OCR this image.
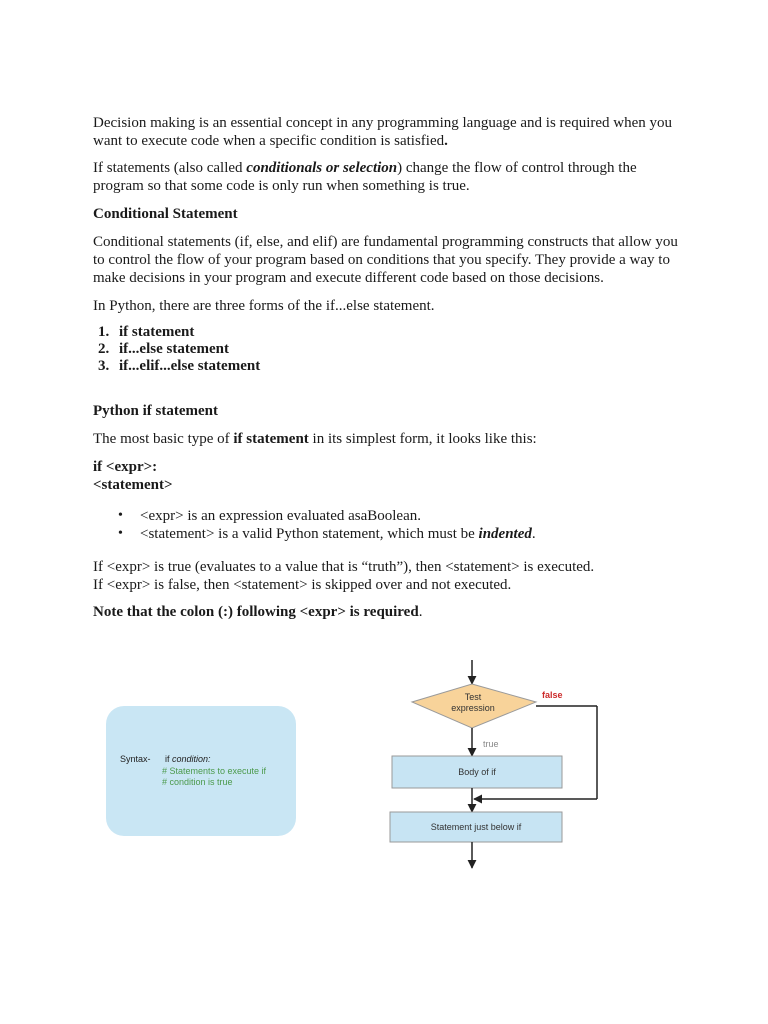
Decision making is an essential concept in any programming language and is required when you want to execute code when a specific condition is satisfied.

If statements (also called conditionals or selection) change the flow of control through the program so that some code is only run when something is true.

Conditional Statement

Conditional statements (if, else, and elif) are fundamental programming constructs that allow you to control the flow of your program based on conditions that you specify. They provide a way to make decisions in your program and execute different code based on those decisions.

In Python, there are three forms of the if...else statement.

1. if statement
2. if...else statement
3. if...elif...else statement

Python if statement

The most basic type of if statement in its simplest form, it looks like this:

if <expr>:
<statement>

• <expr> is an expression evaluated asaBoolean.
• <statement> is a valid Python statement, which must be indented.

If <expr> is true (evaluates to a value that is “truth”), then <statement> is executed.
If <expr> is false, then <statement> is skipped over and not executed.

Note that the colon (:) following <expr> is required.

Syntax- if condition:
# Statements to execute if
# condition is true
Test
expression
false
true
Body of if
Statement just below if
